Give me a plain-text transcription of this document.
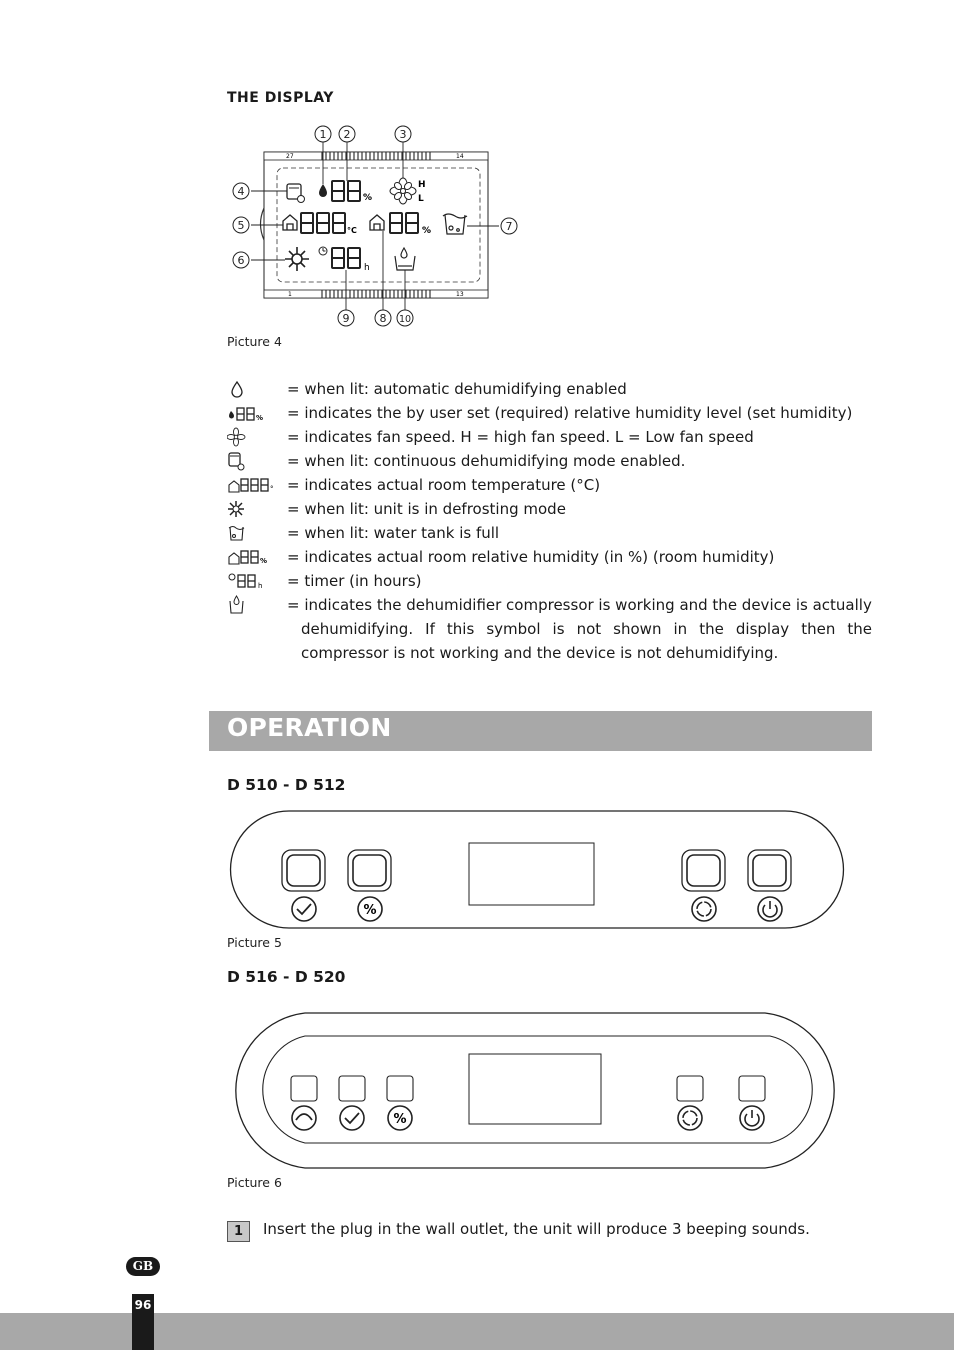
THE DISPLAY
27	14
1	13
%
H
L
°C	%
h
1 2	3
4
5
6
7
8
9	10
Picture 4
= when lit: automatic dehumidifying enabled
% = indicates the by user set (required) relative humidity level (set humidity)
= indicates fan speed. H = high fan speed. L = Low fan speed
= when lit: continuous dehumidifying mode enabled.
° = indicates actual room temperature (°C)
= when lit: unit is in defrosting mode
= when lit: water tank is full
% = indicates actual room relative humidity (in %) (room humidity)
h = timer (in hours)
= indicates the dehumidifier compressor is working and the device is actually
dehumidifying. If this symbol is not shown in the display then the compressor is not working and the device is not dehumidifying.
OPERATION
D 510 - D 512
%
Picture 5
D 516 - D 520
%
Picture 6
1	Insert the plug in the wall outlet, the unit will produce 3 beeping sounds.
GB
96
